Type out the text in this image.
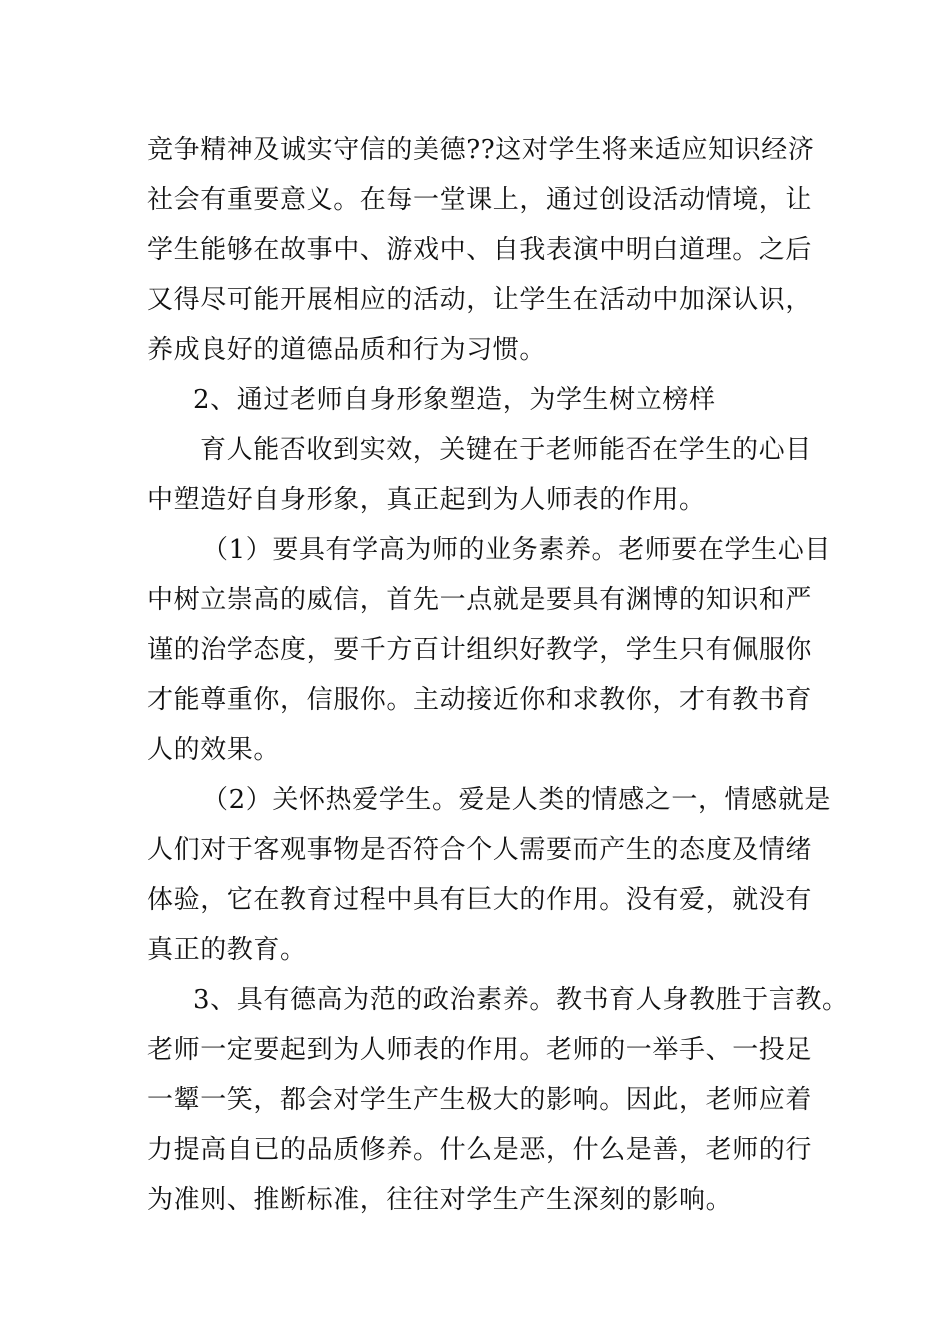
竞争精神及诚实守信的美德??这对学生将来适应知识经济
社会有重要意义。在每一堂课上，通过创设活动情境，让
学生能够在故事中、游戏中、自我表演中明白道理。之后
又得尽可能开展相应的活动，让学生在活动中加深认识，
养成良好的道德品质和行为习惯。
2、通过老师自身形象塑造，为学生树立榜样
育人能否收到实效，关键在于老师能否在学生的心目
中塑造好自身形象，真正起到为人师表的作用。
（1）要具有学高为师的业务素养。老师要在学生心目
中树立崇高的威信，首先一点就是要具有渊博的知识和严
谨的治学态度，要千方百计组织好教学，学生只有佩服你
才能尊重你，信服你。主动接近你和求教你，才有教书育
人的效果。
（2）关怀热爱学生。爱是人类的情感之一，情感就是
人们对于客观事物是否符合个人需要而产生的态度及情绪
体验，它在教育过程中具有巨大的作用。没有爱，就没有
真正的教育。
3、具有德高为范的政治素养。教书育人身教胜于言教。
老师一定要起到为人师表的作用。老师的一举手、一投足
一颦一笑，都会对学生产生极大的影响。因此，老师应着
力提高自已的品质修养。什么是恶，什么是善，老师的行
为准则、推断标准，往往对学生产生深刻的影响。
